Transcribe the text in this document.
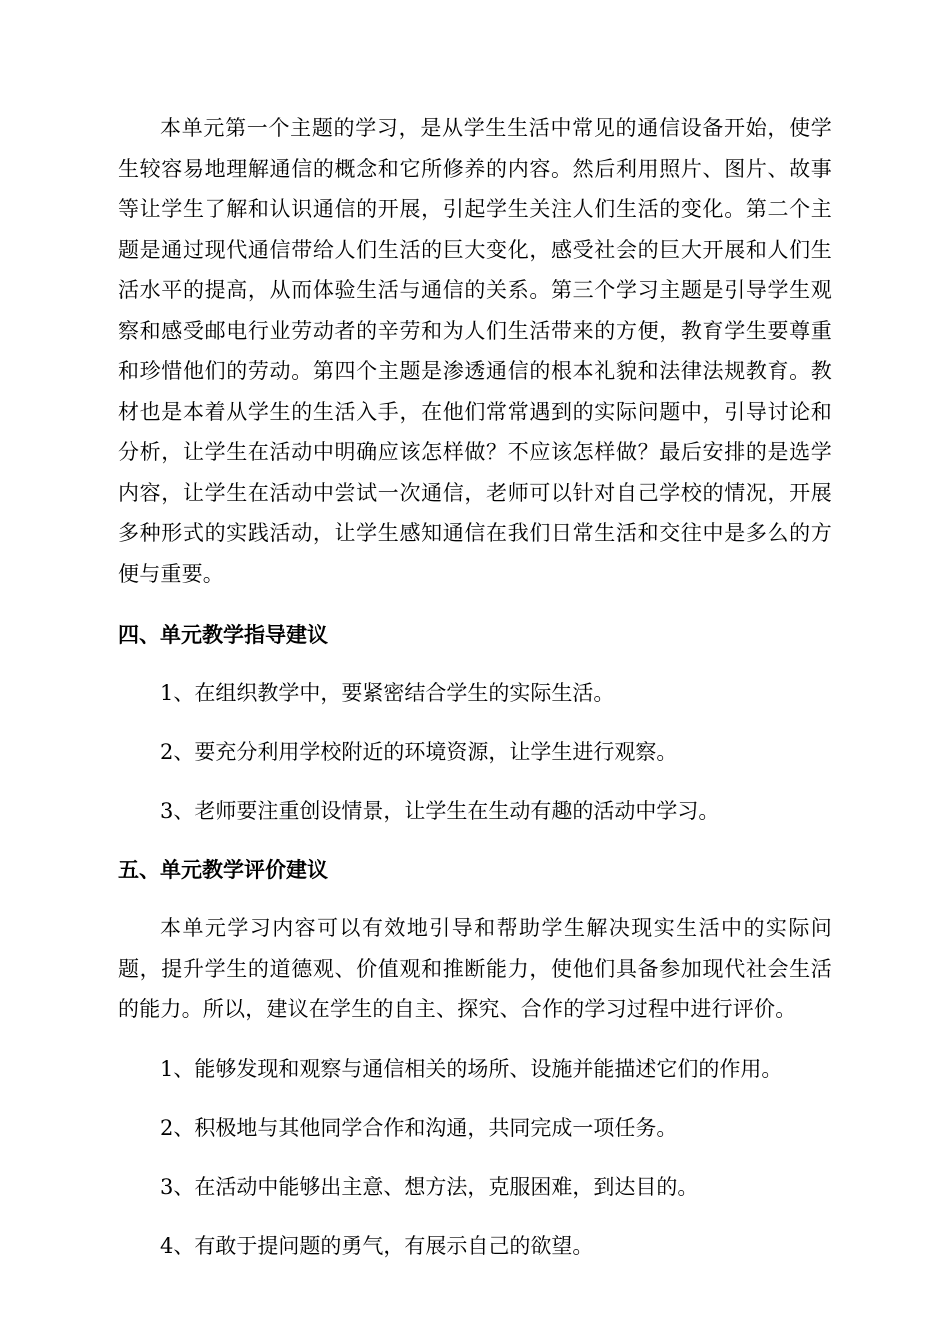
本单元第一个主题的学习，是从学生生活中常见的通信设备开始，使学生较容易地理解通信的概念和它所修养的内容。然后利用照片、图片、故事等让学生了解和认识通信的开展，引起学生关注人们生活的变化。第二个主题是通过现代通信带给人们生活的巨大变化，感受社会的巨大开展和人们生活水平的提高，从而体验生活与通信的关系。第三个学习主题是引导学生观察和感受邮电行业劳动者的辛劳和为人们生活带来的方便，教育学生要尊重和珍惜他们的劳动。第四个主题是渗透通信的根本礼貌和法律法规教育。教材也是本着从学生的生活入手，在他们常常遇到的实际问题中，引导讨论和分析，让学生在活动中明确应该怎样做？不应该怎样做？最后安排的是选学内容，让学生在活动中尝试一次通信，老师可以针对自己学校的情况，开展多种形式的实践活动，让学生感知通信在我们日常生活和交往中是多么的方便与重要。

四、单元教学指导建议

1、在组织教学中，要紧密结合学生的实际生活。

2、要充分利用学校附近的环境资源，让学生进行观察。

3、老师要注重创设情景，让学生在生动有趣的活动中学习。

五、单元教学评价建议

本单元学习内容可以有效地引导和帮助学生解决现实生活中的实际问题，提升学生的道德观、价值观和推断能力，使他们具备参加现代社会生活的能力。所以，建议在学生的自主、探究、合作的学习过程中进行评价。

1、能够发现和观察与通信相关的场所、设施并能描述它们的作用。

2、积极地与其他同学合作和沟通，共同完成一项任务。

3、在活动中能够出主意、想方法，克服困难，到达目的。

4、有敢于提问题的勇气，有展示自己的欲望。
